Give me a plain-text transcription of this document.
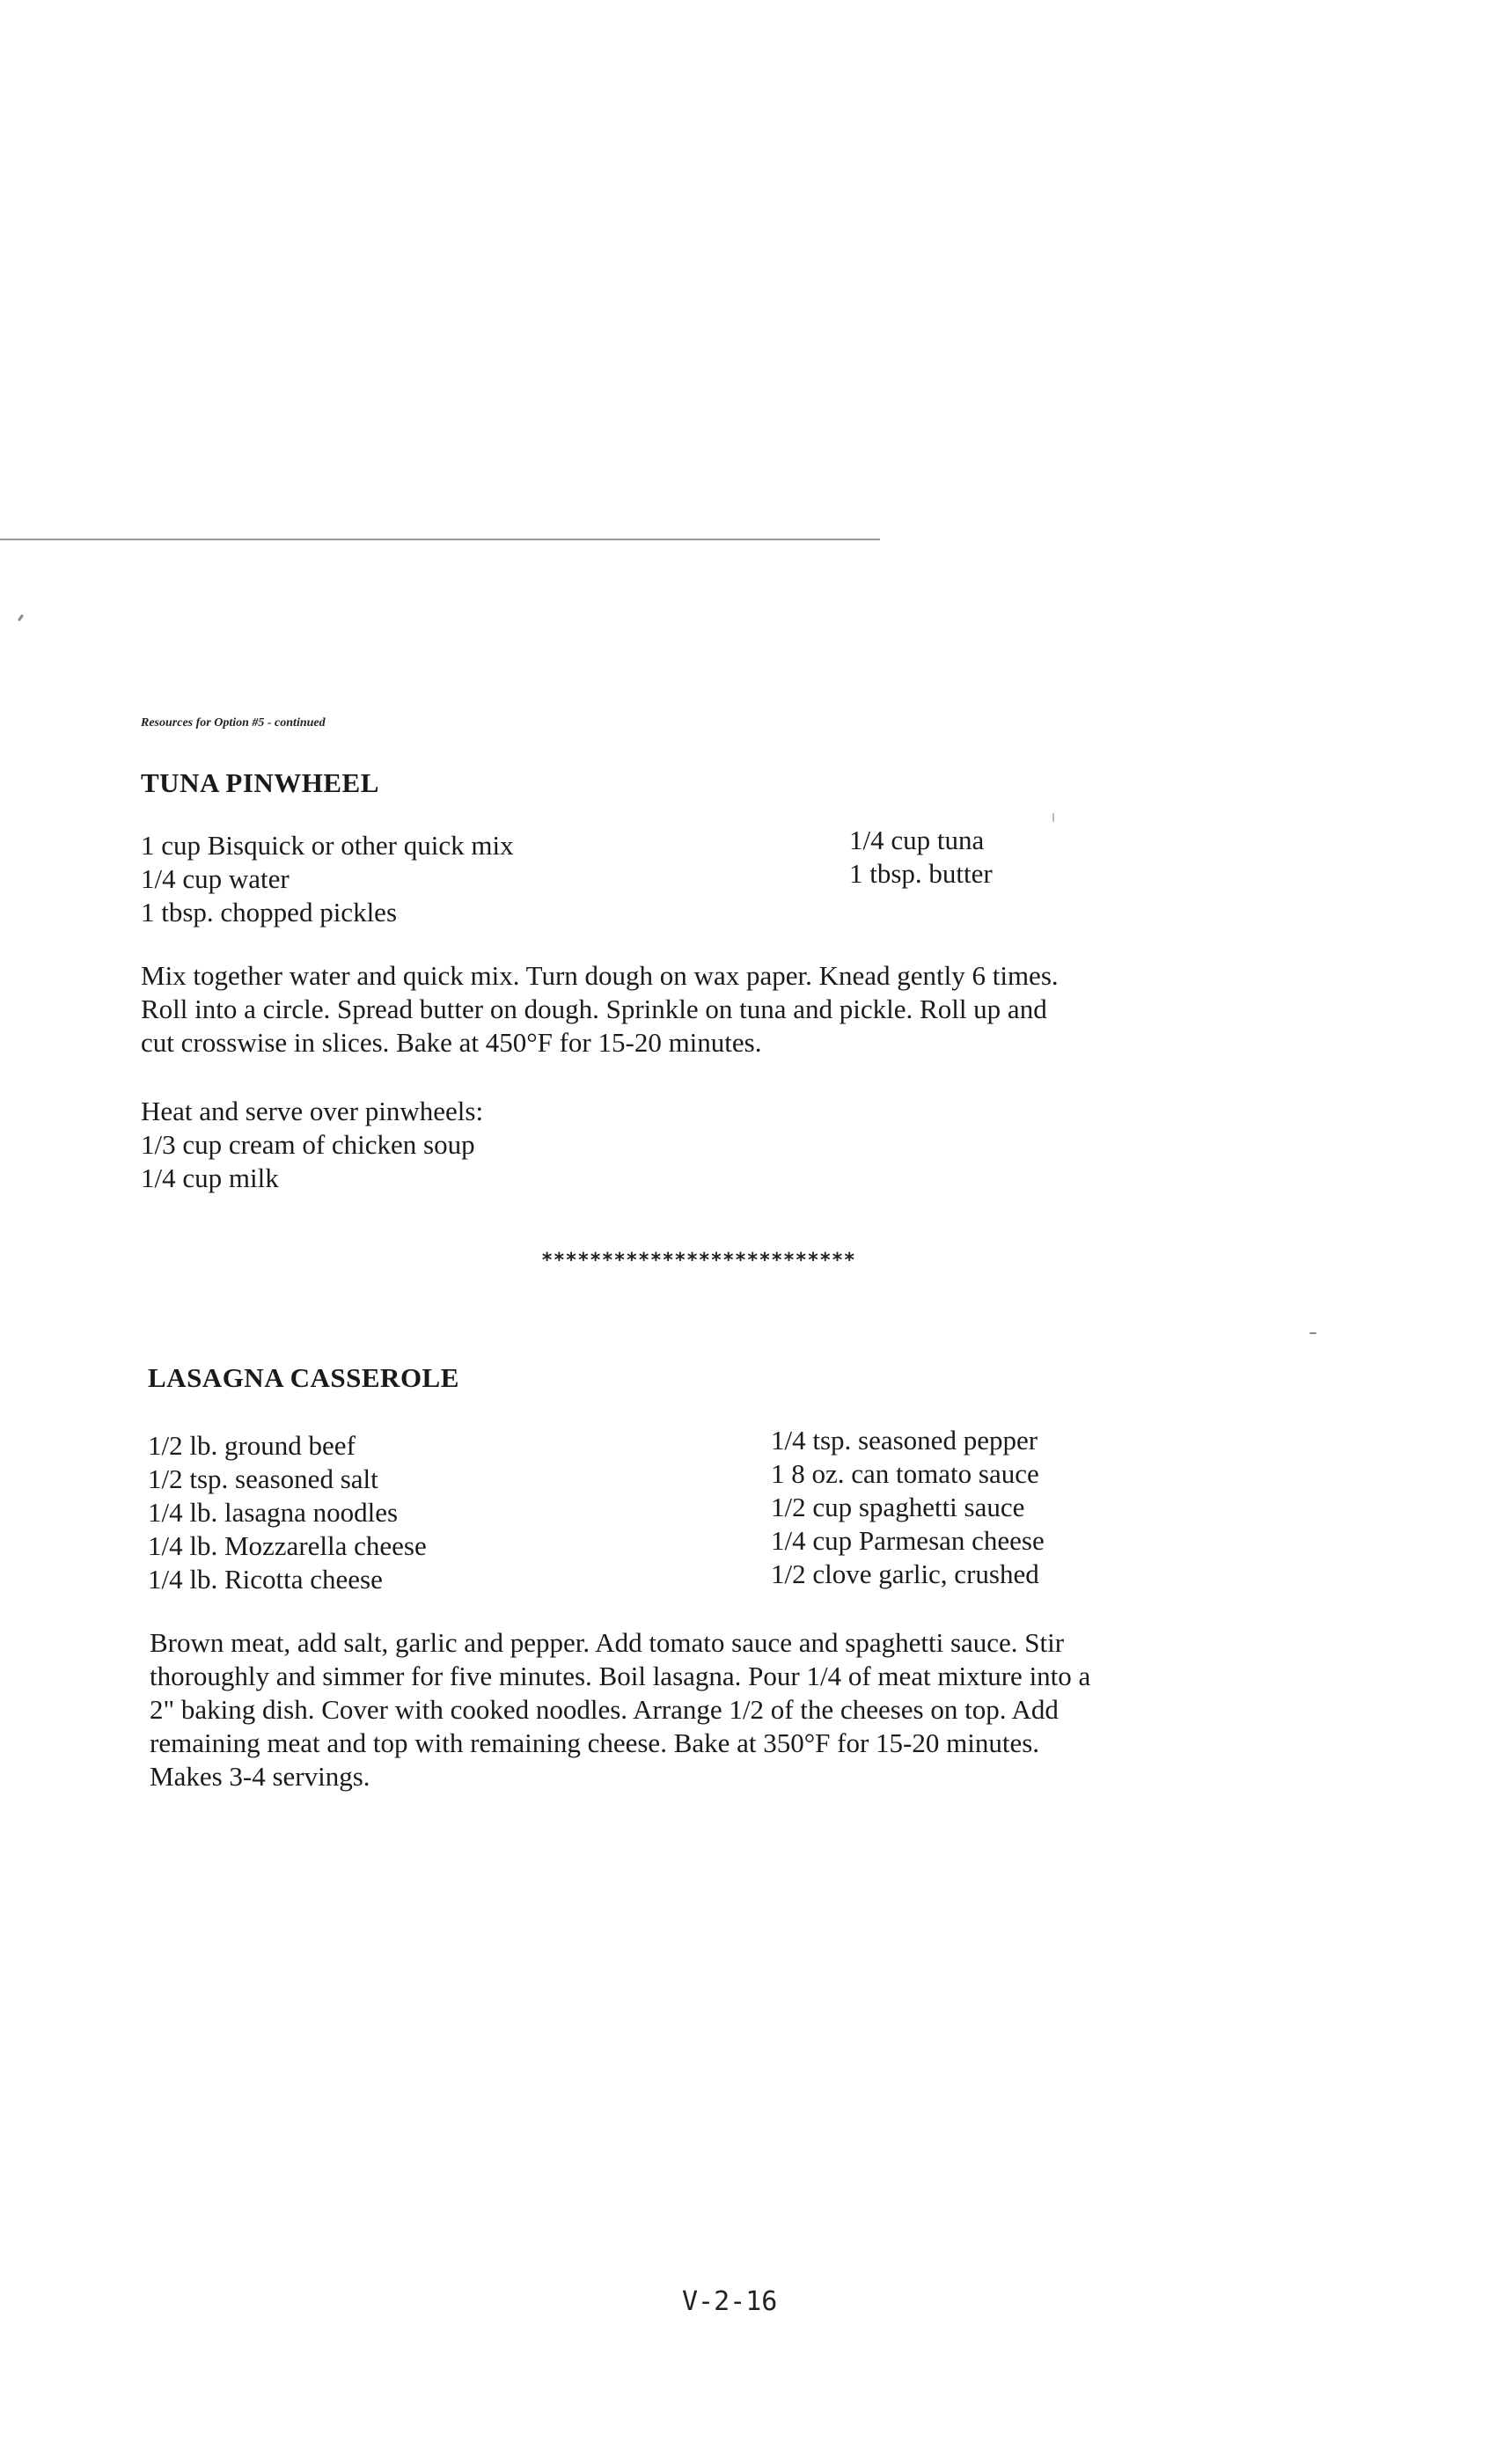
Resources for Option #5 - continued
TUNA PINWHEEL
1 cup Bisquick or other quick mix
1/4 cup water
1 tbsp. chopped pickles
1/4 cup tuna
1 tbsp. butter
Mix together water and quick mix. Turn dough on wax paper. Knead gently 6 times.
Roll into a circle. Spread butter on dough. Sprinkle on tuna and pickle. Roll up and
cut crosswise in slices. Bake at 450°F for 15-20 minutes.
Heat and serve over pinwheels:
1/3 cup cream of chicken soup
1/4 cup milk
**************************
LASAGNA CASSEROLE
1/2 lb. ground beef
1/2 tsp. seasoned salt
1/4 lb. lasagna noodles
1/4 lb. Mozzarella cheese
1/4 lb. Ricotta cheese
1/4 tsp. seasoned pepper
1 8 oz. can tomato sauce
1/2 cup spaghetti sauce
1/4 cup Parmesan cheese
1/2 clove garlic, crushed
Brown meat, add salt, garlic and pepper. Add tomato sauce and spaghetti sauce. Stir
thoroughly and simmer for five minutes. Boil lasagna. Pour 1/4 of meat mixture into a
2" baking dish. Cover with cooked noodles. Arrange 1/2 of the cheeses on top. Add
remaining meat and top with remaining cheese. Bake at 350°F for 15-20 minutes.
Makes 3-4 servings.
V-2-16
